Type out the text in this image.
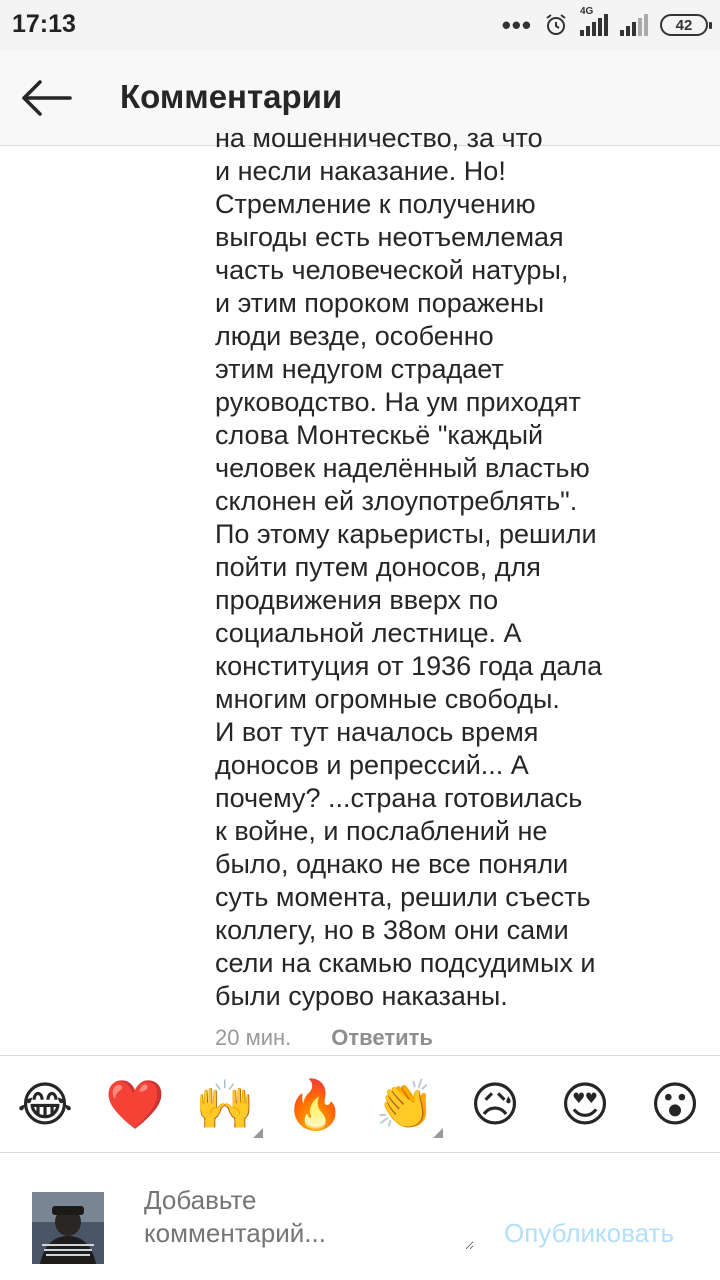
17:13	•••	4G
42
Комментарии
на мошенничество, за что
и несли наказание. Но!
Стремление к получению
выгоды есть неотъемлемая
часть человеческой натуры,
и этим пороком поражены
люди везде, особенно
этим недугом страдает
руководство. На ум приходят
слова Монтескьё "каждый
человек наделённый властью
склонен ей злоупотреблять".
По этому карьеристы, решили
пойти путем доносов, для
продвижения вверх по
социальной лестнице. А
конституция от 1936 года дала
многим огромные свободы.
И вот тут началось время
доносов и репрессий... А
почему? ...страна готовилась
к войне, и послаблений не
было, однако не все поняли
суть момента, решили съесть
коллегу, но в 38ом они сами
сели на скамью подсудимых и
были сурово наказаны.
20 мин. Ответить
😂 ❤️ 🙌 🔥 👏 😥 😍 😮
Добавьте комментарий...
Опубликовать
